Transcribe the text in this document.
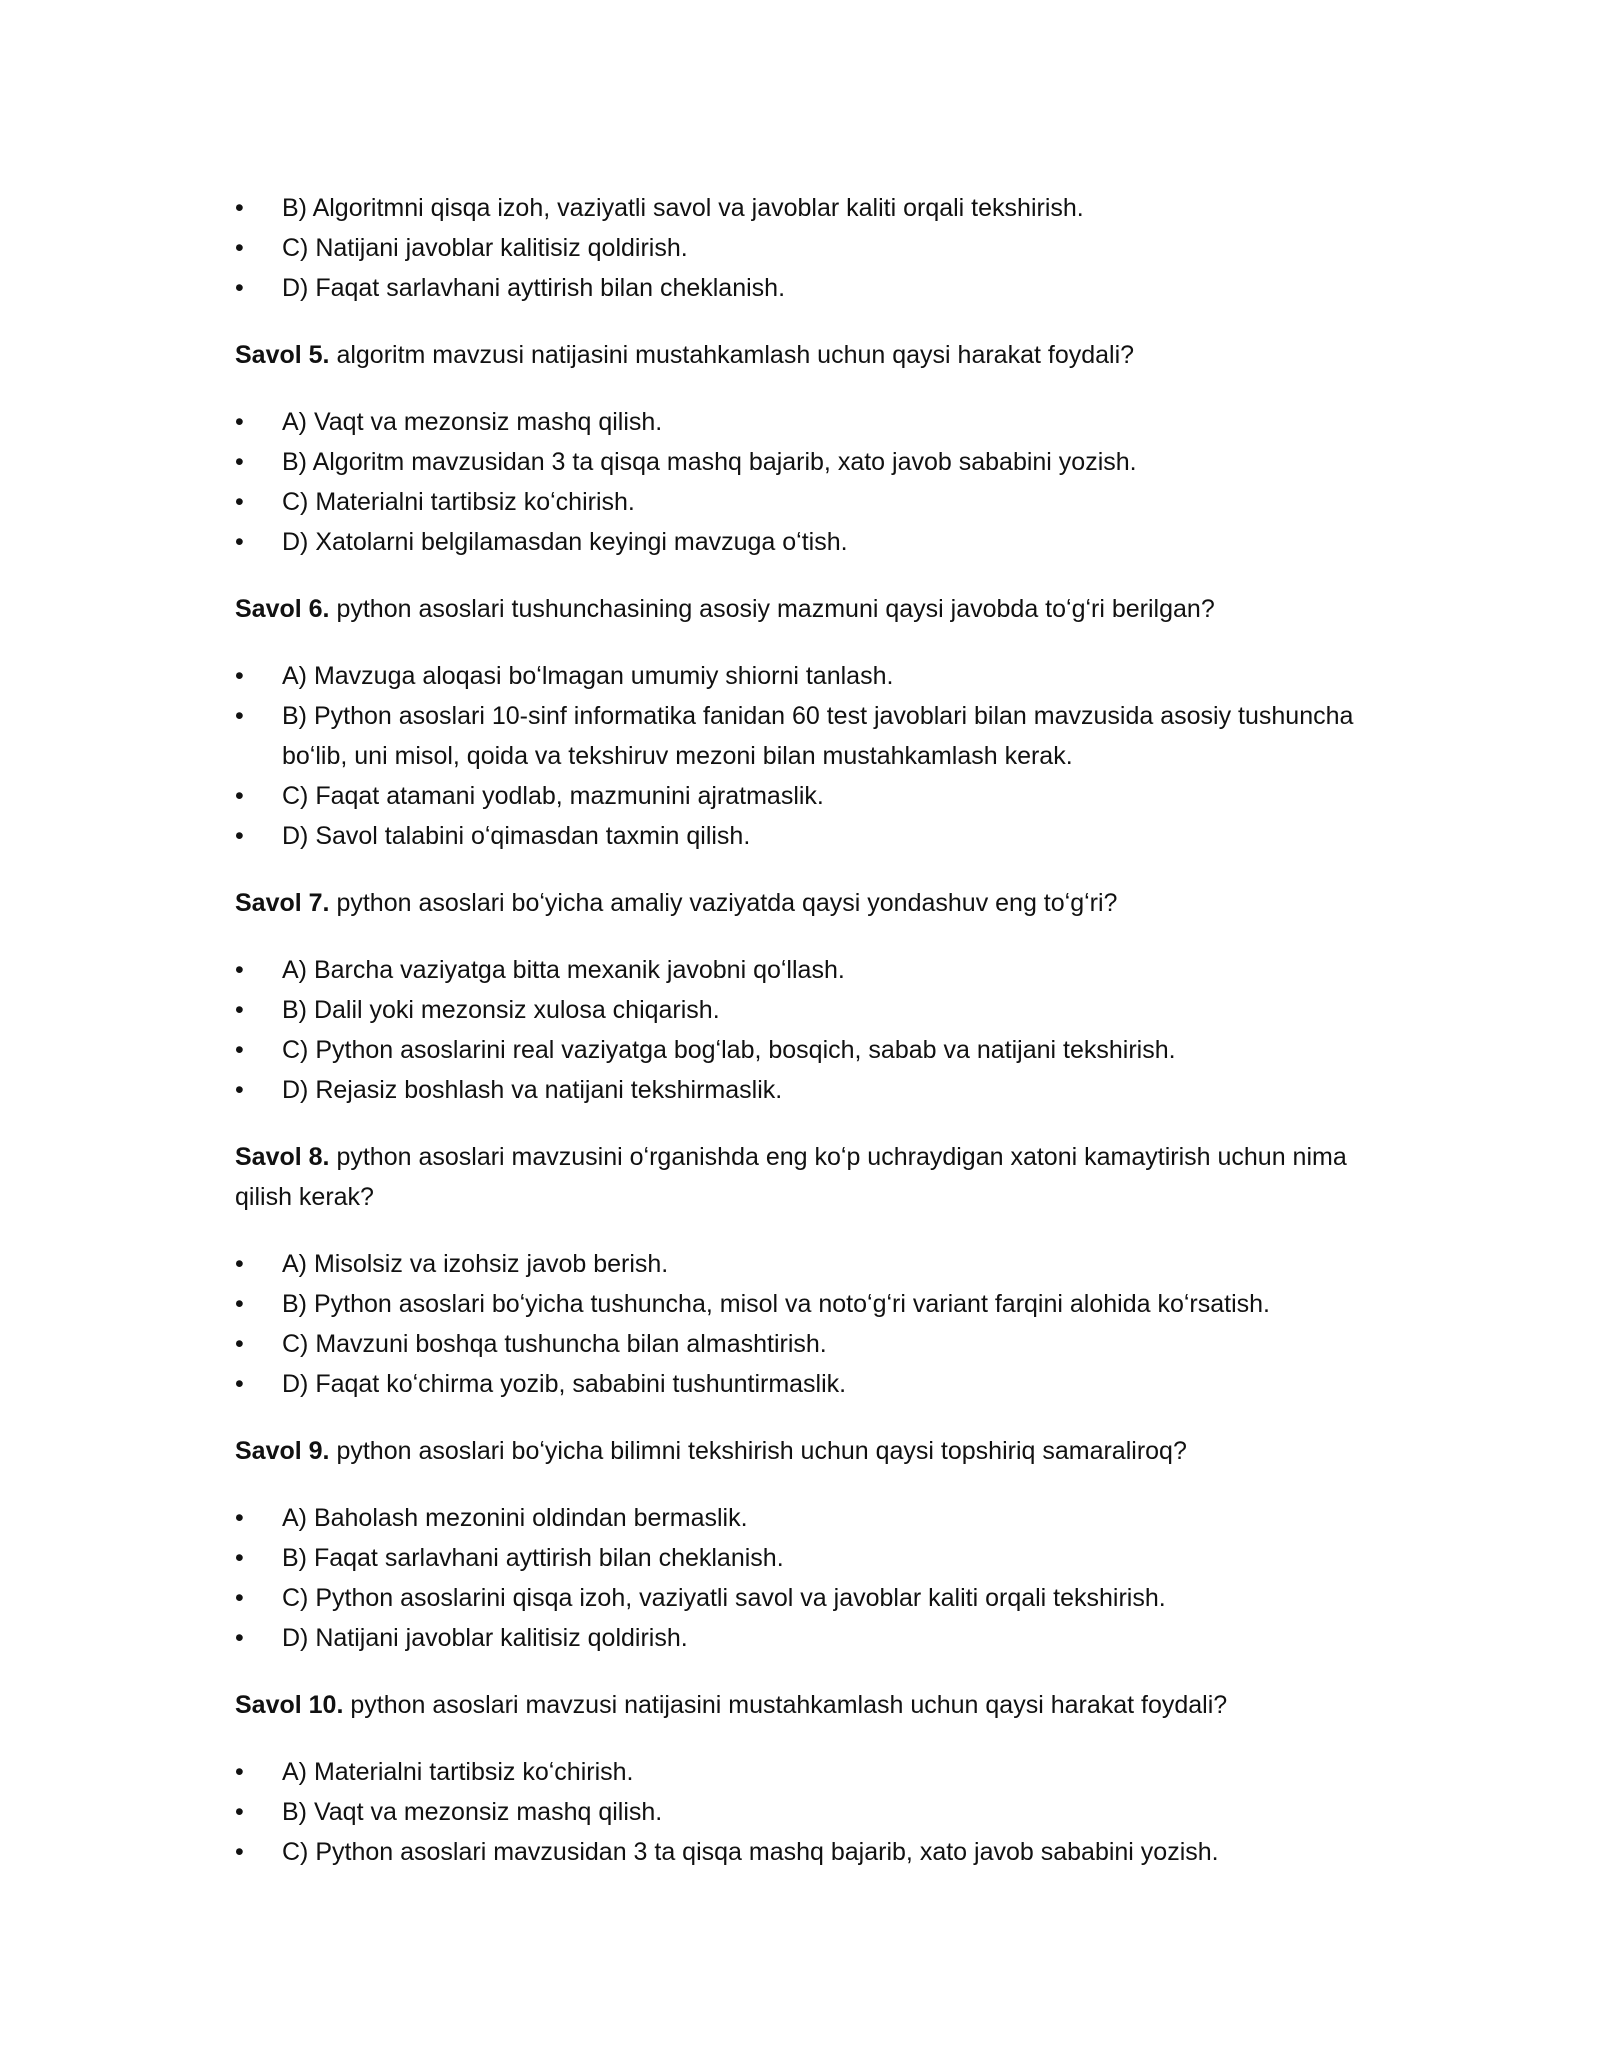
•	B) Algoritmni qisqa izoh, vaziyatli savol va javoblar kaliti orqali tekshirish.
•	C) Natijani javoblar kalitisiz qoldirish.
•	D) Faqat sarlavhani ayttirish bilan cheklanish.

Savol 5. algoritm mavzusi natijasini mustahkamlash uchun qaysi harakat foydali?

•	A) Vaqt va mezonsiz mashq qilish.
•	B) Algoritm mavzusidan 3 ta qisqa mashq bajarib, xato javob sababini yozish.
•	C) Materialni tartibsiz koʻchirish.
•	D) Xatolarni belgilamasdan keyingi mavzuga oʻtish.

Savol 6. python asoslari tushunchasining asosiy mazmuni qaysi javobda toʻgʻri berilgan?

•	A) Mavzuga aloqasi boʻlmagan umumiy shiorni tanlash.
•	B) Python asoslari 10-sinf informatika fanidan 60 test javoblari bilan mavzusida asosiy tushuncha boʻlib, uni misol, qoida va tekshiruv mezoni bilan mustahkamlash kerak.
•	C) Faqat atamani yodlab, mazmunini ajratmaslik.
•	D) Savol talabini oʻqimasdan taxmin qilish.

Savol 7. python asoslari boʻyicha amaliy vaziyatda qaysi yondashuv eng toʻgʻri?

•	A) Barcha vaziyatga bitta mexanik javobni qoʻllash.
•	B) Dalil yoki mezonsiz xulosa chiqarish.
•	C) Python asoslarini real vaziyatga bogʻlab, bosqich, sabab va natijani tekshirish.
•	D) Rejasiz boshlash va natijani tekshirmaslik.

Savol 8. python asoslari mavzusini oʻrganishda eng koʻp uchraydigan xatoni kamaytirish uchun nima qilish kerak?

•	A) Misolsiz va izohsiz javob berish.
•	B) Python asoslari boʻyicha tushuncha, misol va notoʻgʻri variant farqini alohida koʻrsatish.
•	C) Mavzuni boshqa tushuncha bilan almashtirish.
•	D) Faqat koʻchirma yozib, sababini tushuntirmaslik.

Savol 9. python asoslari boʻyicha bilimni tekshirish uchun qaysi topshiriq samaraliroq?

•	A) Baholash mezonini oldindan bermaslik.
•	B) Faqat sarlavhani ayttirish bilan cheklanish.
•	C) Python asoslarini qisqa izoh, vaziyatli savol va javoblar kaliti orqali tekshirish.
•	D) Natijani javoblar kalitisiz qoldirish.

Savol 10. python asoslari mavzusi natijasini mustahkamlash uchun qaysi harakat foydali?

•	A) Materialni tartibsiz koʻchirish.
•	B) Vaqt va mezonsiz mashq qilish.
•	C) Python asoslari mavzusidan 3 ta qisqa mashq bajarib, xato javob sababini yozish.
